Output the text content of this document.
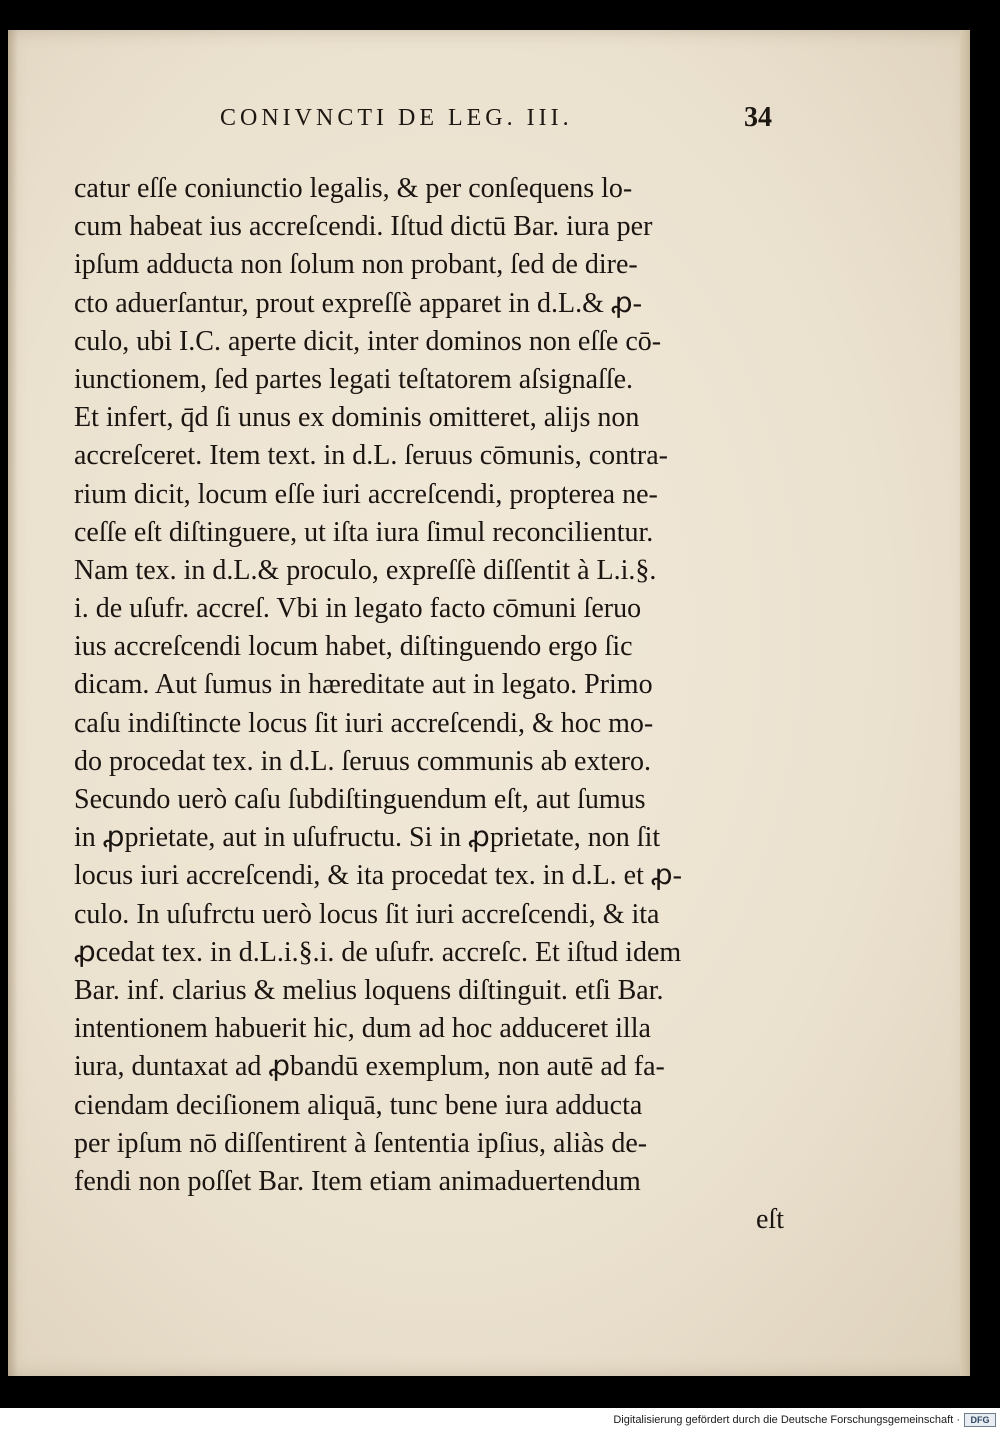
CONIVNCTI DE LEG. III.	34
catur eſſe coniunctio legalis, & per conſequens lo-
cum habeat ius accreſcendi. Iſtud dictū Bar. iura per
ipſum adducta non ſolum non probant, ſed de dire-
cto aduerſantur, prout expreſſè apparet in d.L.& ꝓ-
culo, ubi I.C. aperte dicit, inter dominos non eſſe cō-
iunctionem, ſed partes legati teſtatorem aſsignaſſe.
Et infert, q̄d ſi unus ex dominis omitteret, alijs non
accreſceret. Item text. in d.L. ſeruus cōmunis, contra-
rium dicit, locum eſſe iuri accreſcendi, propterea ne-
ceſſe eſt diſtinguere, ut iſta iura ſimul reconcilientur.
Nam tex. in d.L.& proculo, expreſſè diſſentit à L.i.§.
i. de uſufr. accreſ. Vbi in legato facto cōmuni ſeruo
ius accreſcendi locum habet, diſtinguendo ergo ſic
dicam. Aut ſumus in hæreditate aut in legato. Primo
caſu indiſtincte locus ſit iuri accreſcendi, & hoc mo-
do procedat tex. in d.L. ſeruus communis ab extero.
Secundo uerò caſu ſubdiſtinguendum eſt, aut ſumus
in ꝓprietate, aut in uſufructu. Si in ꝓprietate, non ſit
locus iuri accreſcendi, & ita procedat tex. in d.L. et ꝓ-
culo. In uſufrctu uerò locus ſit iuri accreſcendi, & ita
ꝓcedat tex. in d.L.i.§.i. de uſufr. accreſc. Et iſtud idem
Bar. inf. clarius & melius loquens diſtinguit. etſi Bar.
intentionem habuerit hic, dum ad hoc adduceret illa
iura, duntaxat ad ꝓbandū exemplum, non autē ad fa-
ciendam deciſionem aliquā, tunc bene iura adducta
per ipſum nō diſſentirent à ſententia ipſius, aliàs de-
fendi non poſſet Bar. Item etiam animaduertendum
eſt
Digitalisierung gefördert durch die Deutsche Forschungsgemeinschaft ·	DFG
